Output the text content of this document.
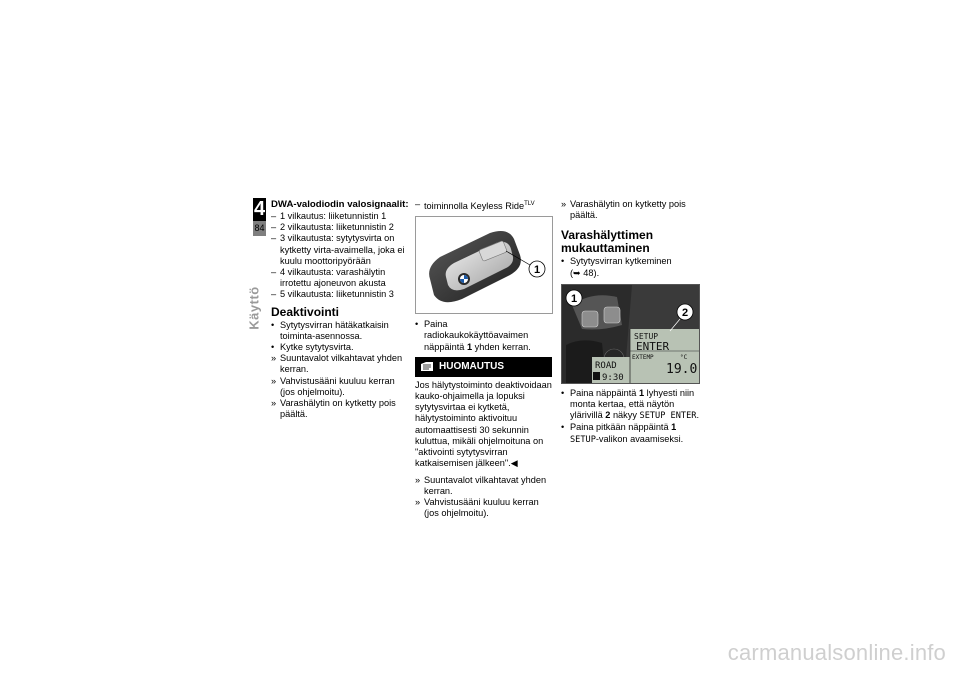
4
84
Käyttö

DWA-valodiodin valosignaalit:

– 1 vilkautus: liiketunnistin 1
– 2 vilkautusta: liiketunnistin 2
– 3 vilkautusta: sytytysvirta on kytketty virta-avaimella, joka ei kuulu moottoripyörään
– 4 vilkautusta: varashälytin irrotettu ajoneuvon akusta
– 5 vilkautusta: liiketunnistin 3

Deaktivointi

• Sytytysvirran hätäkatkaisin toiminta-asennossa.
• Kytke sytytysvirta.
» Suuntavalot vilkahtavat yhden kerran.
» Vahvistusääni kuuluu kerran (jos ohjelmoitu).
» Varashälytin on kytketty pois päältä.
– toiminnolla Keyless Ride$^{TLV}$
1
• Paina radiokaukokäyttöavaimen näppäintä 1 yhden kerran.
HUOMAUTUS

Jos hälytystoiminto deaktivoidaan kauko-ohjaimella ja lopuksi sytytysvirtaa ei kytketä, hälytystoiminto aktivoituu automaattisesti 30 sekunnin kuluttua, mikäli ohjelmoituna on "aktivointi sytytysvirran katkaisemisen jälkeen".◀

» Suuntavalot vilkahtavat yhden kerran.
» Vahvistusääni kuuluu kerran (jos ohjelmoitu).
» Varashälytin on kytketty pois päältä.

Varashälyttimen mukauttaminen

• Sytytysvirran kytkeminen
(➥ 48).
SETUP
ENTER
EXTEMP	°C
19.0
ROAD
9:30
1
2
• Paina näppäintä 1 lyhyesti niin monta kertaa, että näytön ylärivillä 2 näkyy SETUP ENTER.
• Paina pitkään näppäintä 1 SETUP-valikon avaamiseksi.
carmanualsonline.info
